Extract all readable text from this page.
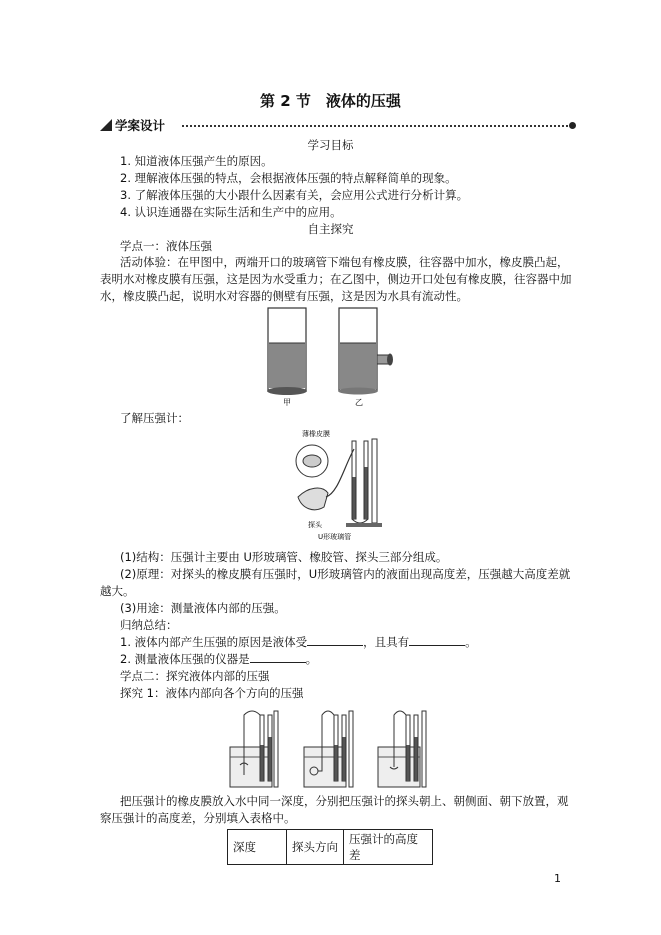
第 2 节　液体的压强
学案设计
学习目标
1. 知道液体压强产生的原因。
2. 理解液体压强的特点，会根据液体压强的特点解释简单的现象。
3. 了解液体压强的大小跟什么因素有关，会应用公式进行分析计算。
4. 认识连通器在实际生活和生产中的应用。
自主探究
学点一：液体压强
活动体验：在甲图中，两端开口的玻璃管下端包有橡皮膜，往容器中加水，橡皮膜凸起，表明水对橡皮膜有压强，这是因为水受重力；在乙图中，侧边开口处包有橡皮膜，往容器中加水，橡皮膜凸起，说明水对容器的侧壁有压强，这是因为水具有流动性。
甲	乙
了解压强计：
薄橡皮膜
探头
U形玻璃管
(1)结构：压强计主要由 U形玻璃管、橡胶管、探头三部分组成。
(2)原理：对探头的橡皮膜有压强时，U形玻璃管内的液面出现高度差，压强越大高度差就越大。
(3)用途：测量液体内部的压强。
归纳总结：
1. 液体内部产生压强的原因是液体受	，且具有	。
2. 测量液体压强的仪器是	。
学点二：探究液体内部的压强
探究 1：液体内部向各个方向的压强
把压强计的橡皮膜放入水中同一深度，分别把压强计的探头朝上、朝侧面、朝下放置，观察压强计的高度差，分别填入表格中。
深度	探头方向	压强计的高度差
1
